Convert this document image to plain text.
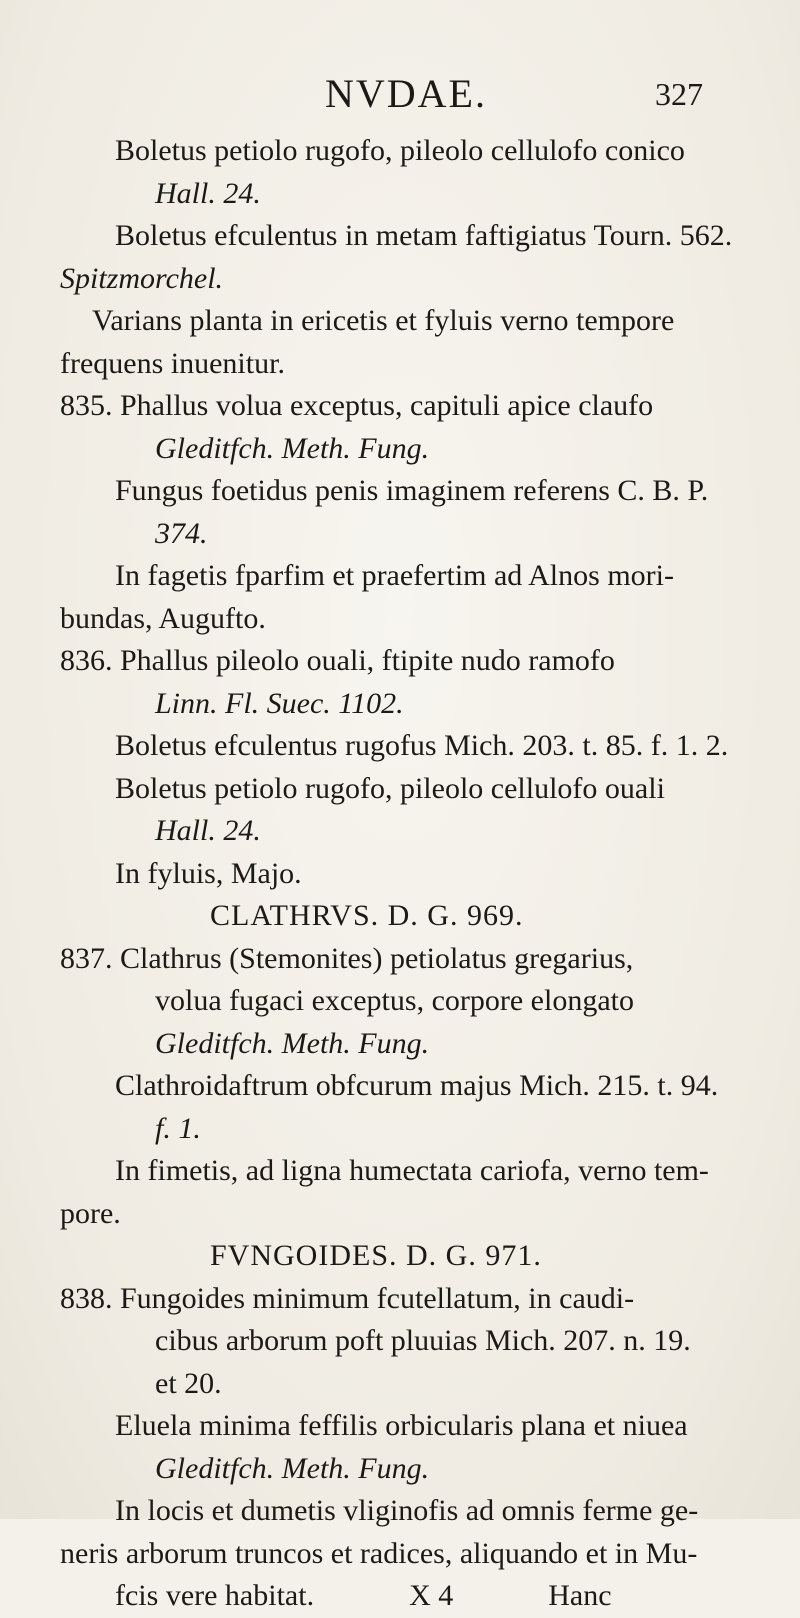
NVDAE.	327
Boletus petiolo rugofo, pileolo cellulofo conico
Hall. 24.
Boletus efculentus in metam faftigiatus Tourn. 562.
Spitzmorchel.
Varians planta in ericetis et fyluis verno tempore
frequens inuenitur.
835. Phallus volua exceptus, capituli apice claufo
Gleditfch. Meth. Fung.
Fungus foetidus penis imaginem referens C. B. P.
374.
In fagetis fparfim et praefertim ad Alnos mori-
bundas, Augufto.
836. Phallus pileolo ouali, ftipite nudo ramofo
Linn. Fl. Suec. 1102.
Boletus efculentus rugofus Mich. 203. t. 85. f. 1. 2.
Boletus petiolo rugofo, pileolo cellulofo ouali
Hall. 24.
In fyluis, Majo.
CLATHRVS. D. G. 969.
837. Clathrus (Stemonites) petiolatus gregarius,
volua fugaci exceptus, corpore elongato
Gleditfch. Meth. Fung.
Clathroidaftrum obfcurum majus Mich. 215. t. 94.
f. 1.
In fimetis, ad ligna humectata cariofa, verno tem-
pore.
FVNGOIDES. D. G. 971.
838. Fungoides minimum fcutellatum, in caudi-
cibus arborum poft pluuias Mich. 207. n. 19.
et 20.
Eluela minima feffilis orbicularis plana et niuea
Gleditfch. Meth. Fung.
In locis et dumetis vliginofis ad omnis ferme ge-
neris arborum truncos et radices, aliquando et in Mu-
fcis vere habitat.	X 4	Hanc
